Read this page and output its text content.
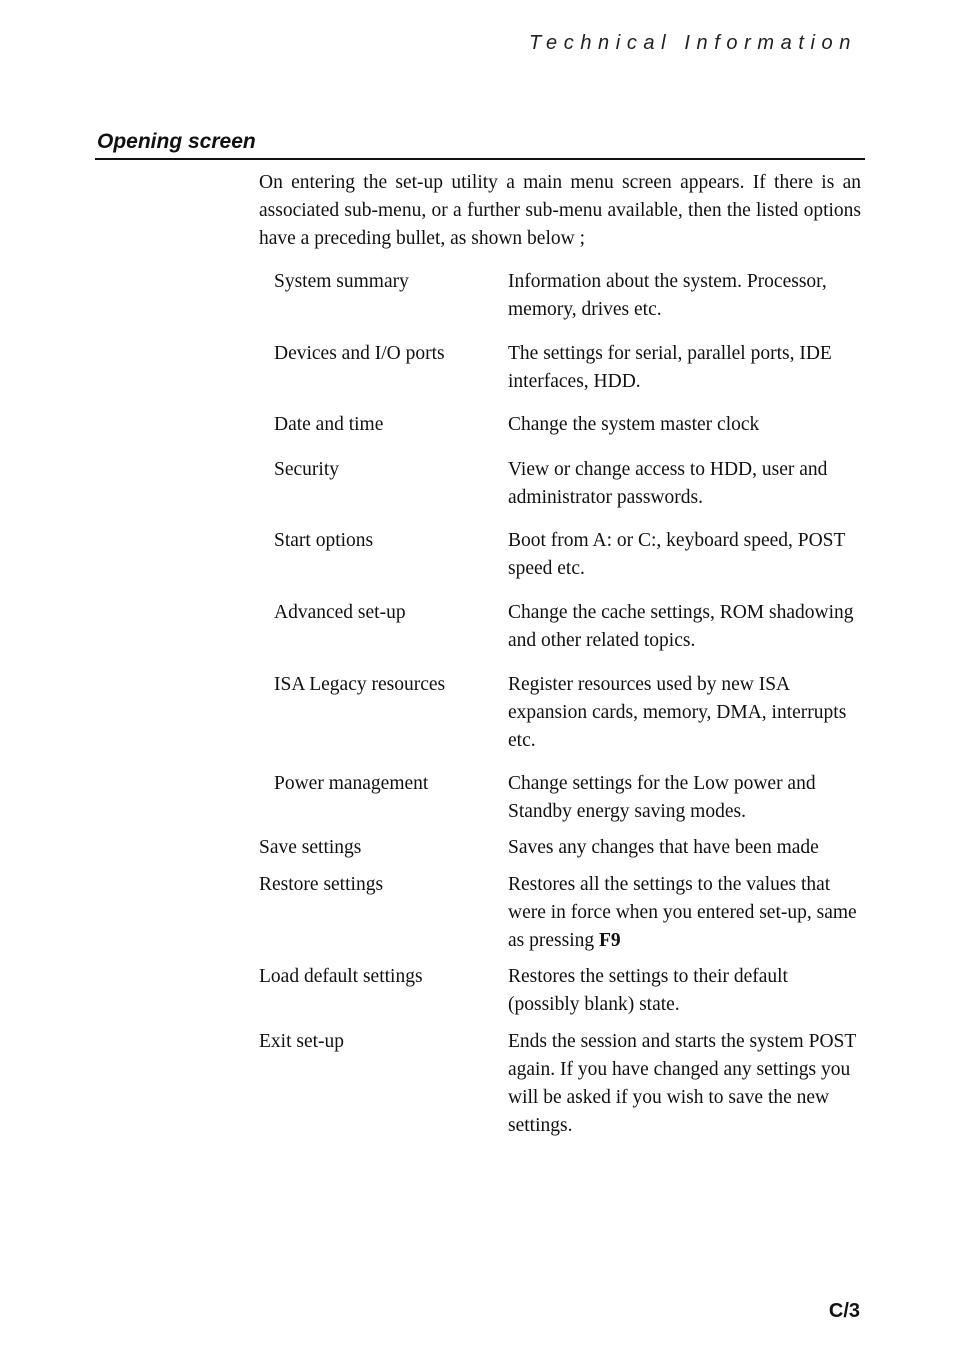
Technical Information
Opening screen

On entering the set-up utility a main menu screen appears. If there is an associated sub-menu, or a further sub-menu available, then the listed options have a preceding bullet, as shown below ;

System summary	Information about the system. Processor, memory, drives etc.
Devices and I/O ports	The settings for serial, parallel ports, IDE interfaces, HDD.
Date and time	Change the system master clock
Security	View or change access to HDD, user and administrator passwords.
Start options	Boot from A: or C:, keyboard speed, POST speed etc.
Advanced set-up	Change the cache settings, ROM shadowing and other related topics.
ISA Legacy resources	Register resources used by new ISA expansion cards, memory, DMA, interrupts etc.
Power management	Change settings for the Low power and Standby energy saving modes.
Save settings	Saves any changes that have been made
Restore settings	Restores all the settings to the values that were in force when you entered set-up, same as pressing F9
Load default settings	Restores the settings to their default (possibly blank) state.
Exit set-up	Ends the session and starts the system POST again. If you have changed any settings you will be asked if you wish to save the new settings.
C/3
